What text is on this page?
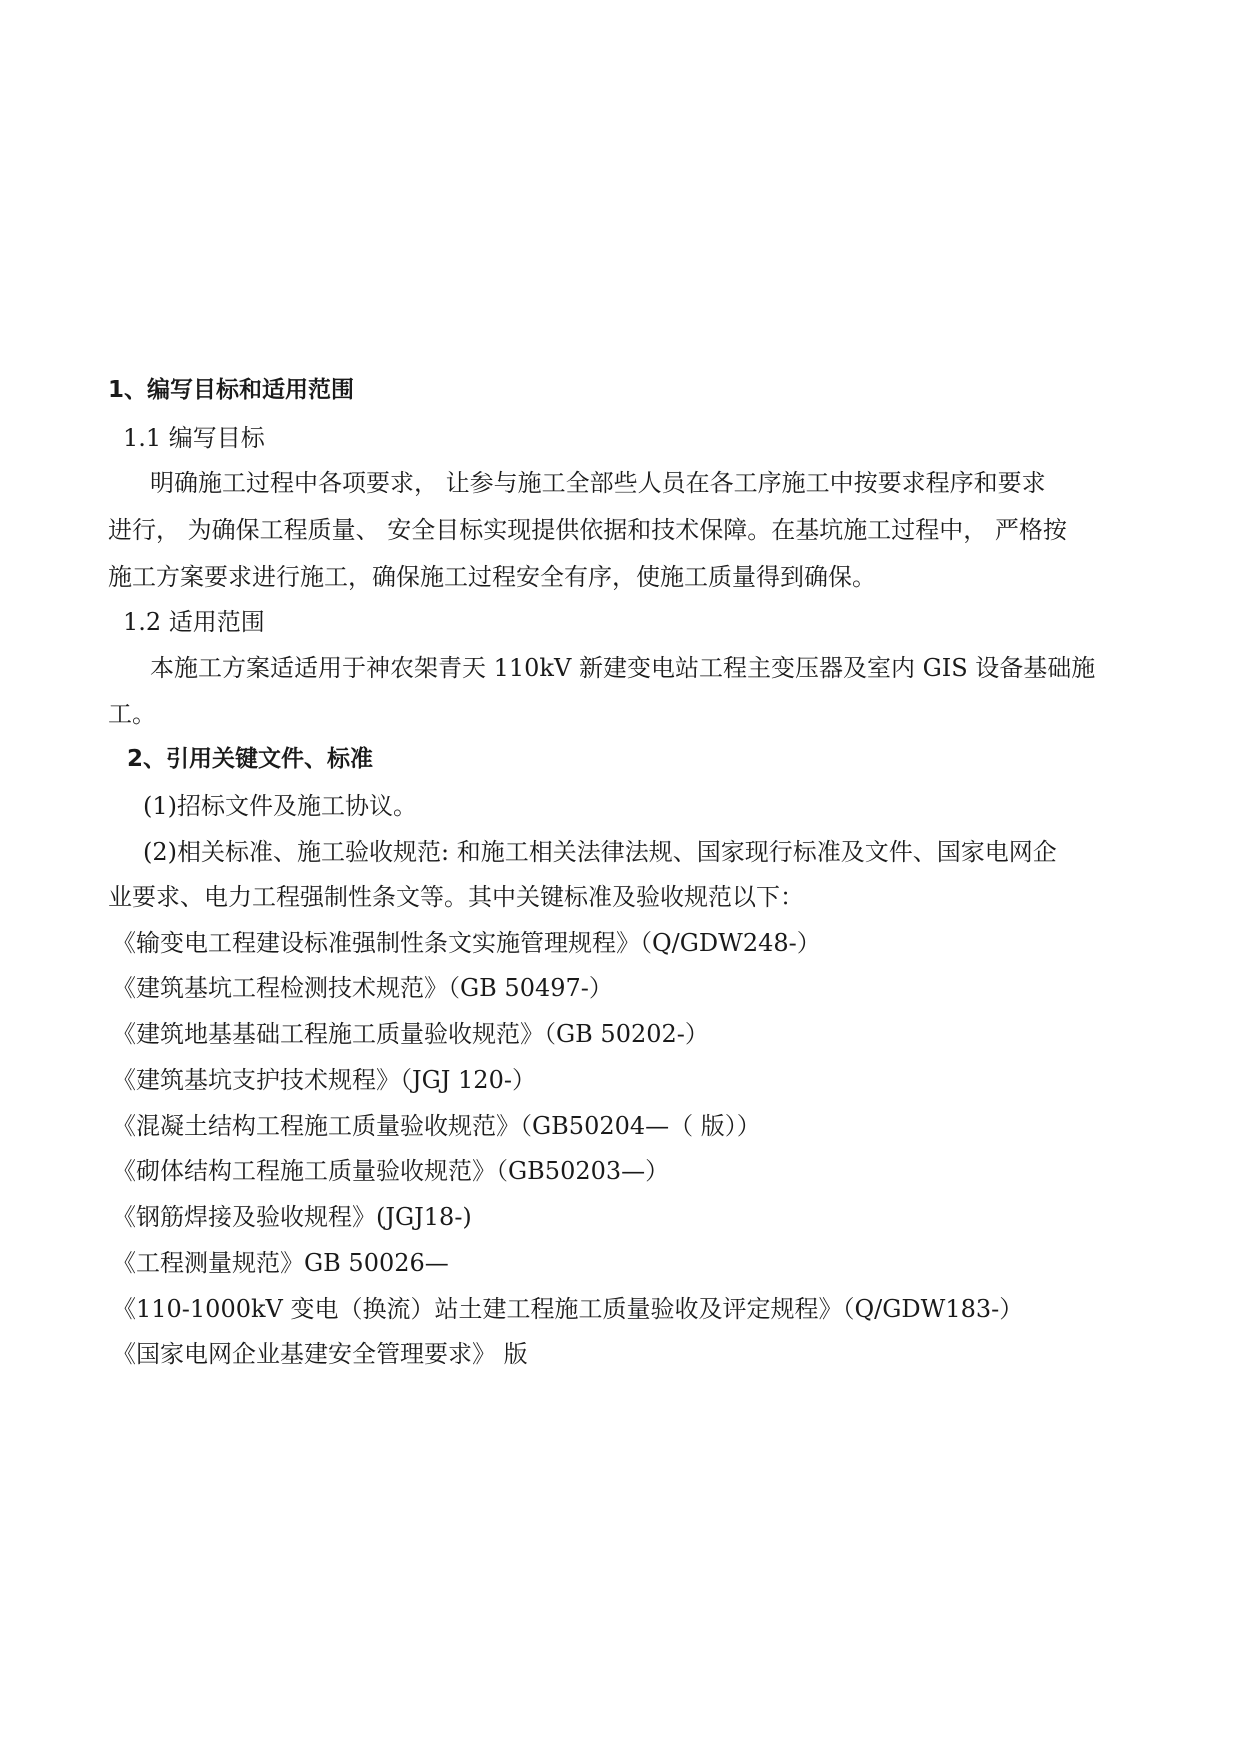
1、编写目标和适用范围
1.1 编写目标
明确施工过程中各项要求， 让参与施工全部些人员在各工序施工中按要求程序和要求
进行， 为确保工程质量、 安全目标实现提供依据和技术保障。在基坑施工过程中， 严格按
施工方案要求进行施工，确保施工过程安全有序，使施工质量得到确保。
1.2 适用范围
本施工方案适适用于神农架青天 110kV 新建变电站工程主变压器及室内 GIS 设备基础施
工。
2、引用关键文件、标准
(1)招标文件及施工协议。
(2)相关标准、施工验收规范: 和施工相关法律法规、国家现行标准及文件、国家电网企
业要求、电力工程强制性条文等。其中关键标准及验收规范以下：
《输变电工程建设标准强制性条文实施管理规程》（Q/GDW248-）
《建筑基坑工程检测技术规范》（GB 50497-）
《建筑地基基础工程施工质量验收规范》（GB 50202-）
《建筑基坑支护技术规程》（JGJ 120-）
《混凝土结构工程施工质量验收规范》（GB50204—（ 版））
《砌体结构工程施工质量验收规范》（GB50203—）
《钢筋焊接及验收规程》(JGJ18-)
《工程测量规范》GB 50026—
《110-1000kV 变电（换流）站土建工程施工质量验收及评定规程》（Q/GDW183-）
《国家电网企业基建安全管理要求》 版
